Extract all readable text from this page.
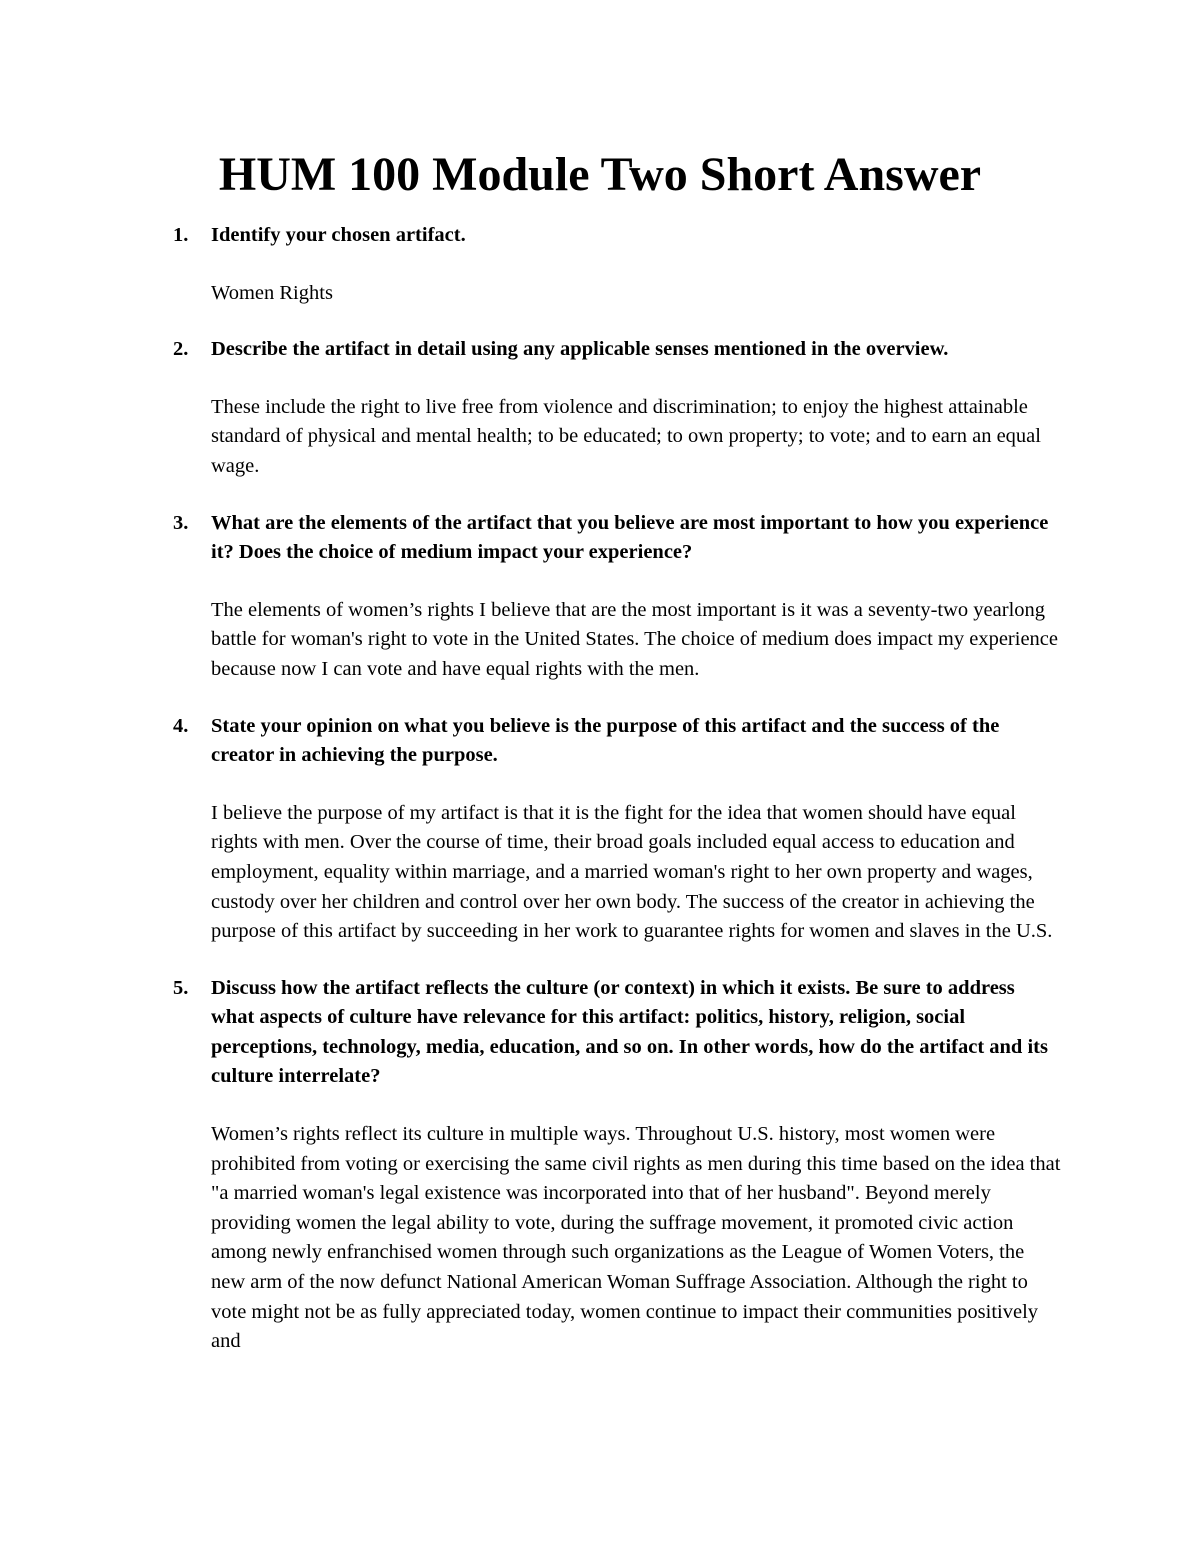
HUM 100 Module Two Short Answer
1. Identify your chosen artifact.

Women Rights

2. Describe the artifact in detail using any applicable senses mentioned in the overview.

These include the right to live free from violence and discrimination; to enjoy the highest attainable standard of physical and mental health; to be educated; to own property; to vote; and to earn an equal wage.

3. What are the elements of the artifact that you believe are most important to how you experience it? Does the choice of medium impact your experience?

The elements of women’s rights I believe that are the most important is it was a seventy-two yearlong battle for woman's right to vote in the United States. The choice of medium does impact my experience because now I can vote and have equal rights with the men.

4. State your opinion on what you believe is the purpose of this artifact and the success of the creator in achieving the purpose.

I believe the purpose of my artifact is that it is the fight for the idea that women should have equal rights with men. Over the course of time, their broad goals included equal access to education and employment, equality within marriage, and a married woman's right to her own property and wages, custody over her children and control over her own body. The success of the creator in achieving the purpose of this artifact by succeeding in her work to guarantee rights for women and slaves in the U.S.

5. Discuss how the artifact reflects the culture (or context) in which it exists. Be sure to address what aspects of culture have relevance for this artifact: politics, history, religion, social perceptions, technology, media, education, and so on. In other words, how do the artifact and its culture interrelate?

Women’s rights reflect its culture in multiple ways. Throughout U.S. history, most women were prohibited from voting or exercising the same civil rights as men during this time based on the idea that "a married woman's legal existence was incorporated into that of her husband". Beyond merely providing women the legal ability to vote, during the suffrage movement, it promoted civic action among newly enfranchised women through such organizations as the League of Women Voters, the new arm of the now defunct National American Woman Suffrage Association. Although the right to vote might not be as fully appreciated today, women continue to impact their communities positively and
